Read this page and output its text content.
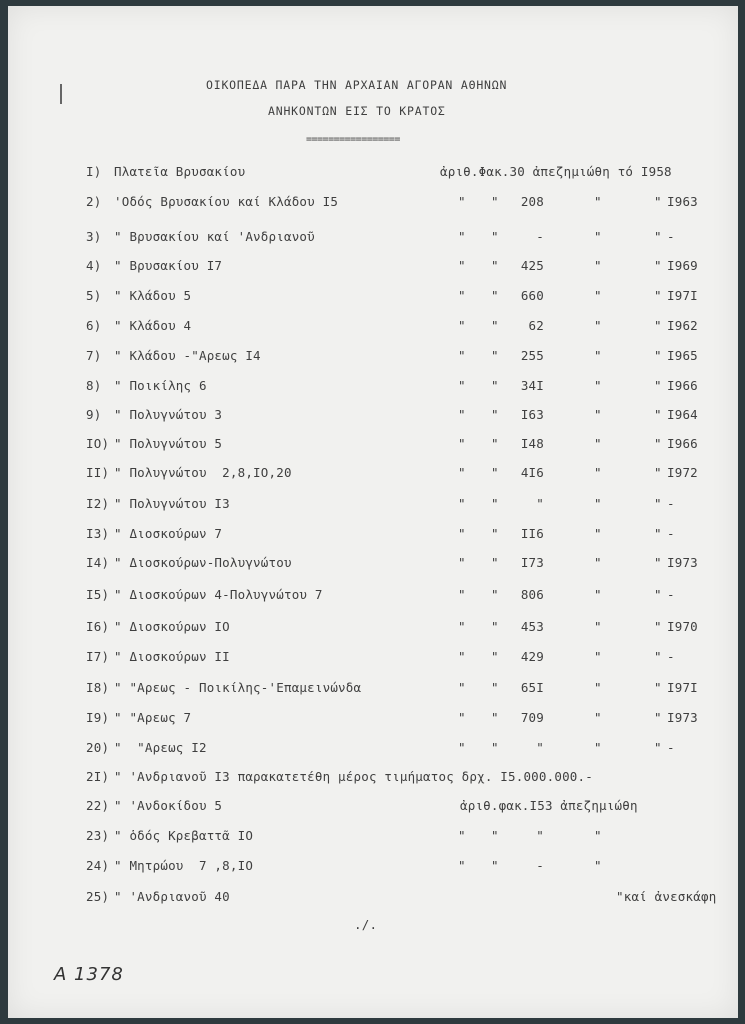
ΟΙΚΟΠΕΔΑ ΠΑΡΑ ΤΗΝ ΑΡΧΑΙΑΝ ΑΓΟΡΑΝ ΑΘΗΝΩΝ
ΑΝΗΚΟΝΤΩΝ ΕΙΣ ΤΟ ΚΡΑΤΟΣ
=================
I) Πλατεῖα Βρυσακίου	ἀριθ.Φακ.30 ἀπεζημιώθη τό I958
2) 'Οδός Βρυσακίου καί Κλάδου I5	" "	208	"	" I963
3) " Βρυσακίου καί 'Ανδριανοῦ	" "	-	"	" -
4) " Βρυσακίου I7	" "	425	"	" I969
5) " Κλάδου 5	" "	660	"	" I97I
6) " Κλάδου 4	" "	62	"	" I962
7) " Κλάδου -"Αρεως I4	" "	255	"	" I965
8) " Ποικίλης 6	" "	34I	"	" I966
9) " Πολυγνώτου 3	" "	I63	"	" I964
IO) " Πολυγνώτου 5	" "	I48	"	" I966
II) " Πολυγνώτου  2,8,IO,20	" "	4I6	"	" I972
I2) " Πολυγνώτου I3	" "	"	"	" -
I3) " Διοσκούρων 7	" "	II6	"	" -
I4) " Διοσκούρων-Πολυγνώτου	" "	I73	"	" I973
I5) " Διοσκούρων 4-Πολυγνώτου 7	" "	806	"	" -
I6) " Διοσκούρων IO	" "	453	"	" I970
I7) " Διοσκούρων II	" "	429	"	" -
I8) " "Αρεως - Ποικίλης-'Επαμεινώνδα	" "	65I	"	" I97I
I9) " "Αρεως 7	" "	709	"	" I973
20) "  "Αρεως I2	" "	"	"	" -
2I) " 'Ανδριανοῦ I3 παρακατετέθη μέρος τιμήματος δρχ. I5.000.000.-
22) " 'Ανδοκίδου 5	ἀριθ.φακ.I53 ἀπεζημιώθη
23) " ὁδός Κρεβαττᾶ IO	" "	"	"
24) " Μητρώου  7 ,8,IO	" "	-	"
25) " 'Ανδριανοῦ 40	"καί ἀνεσκάφη
./.
A 1378
